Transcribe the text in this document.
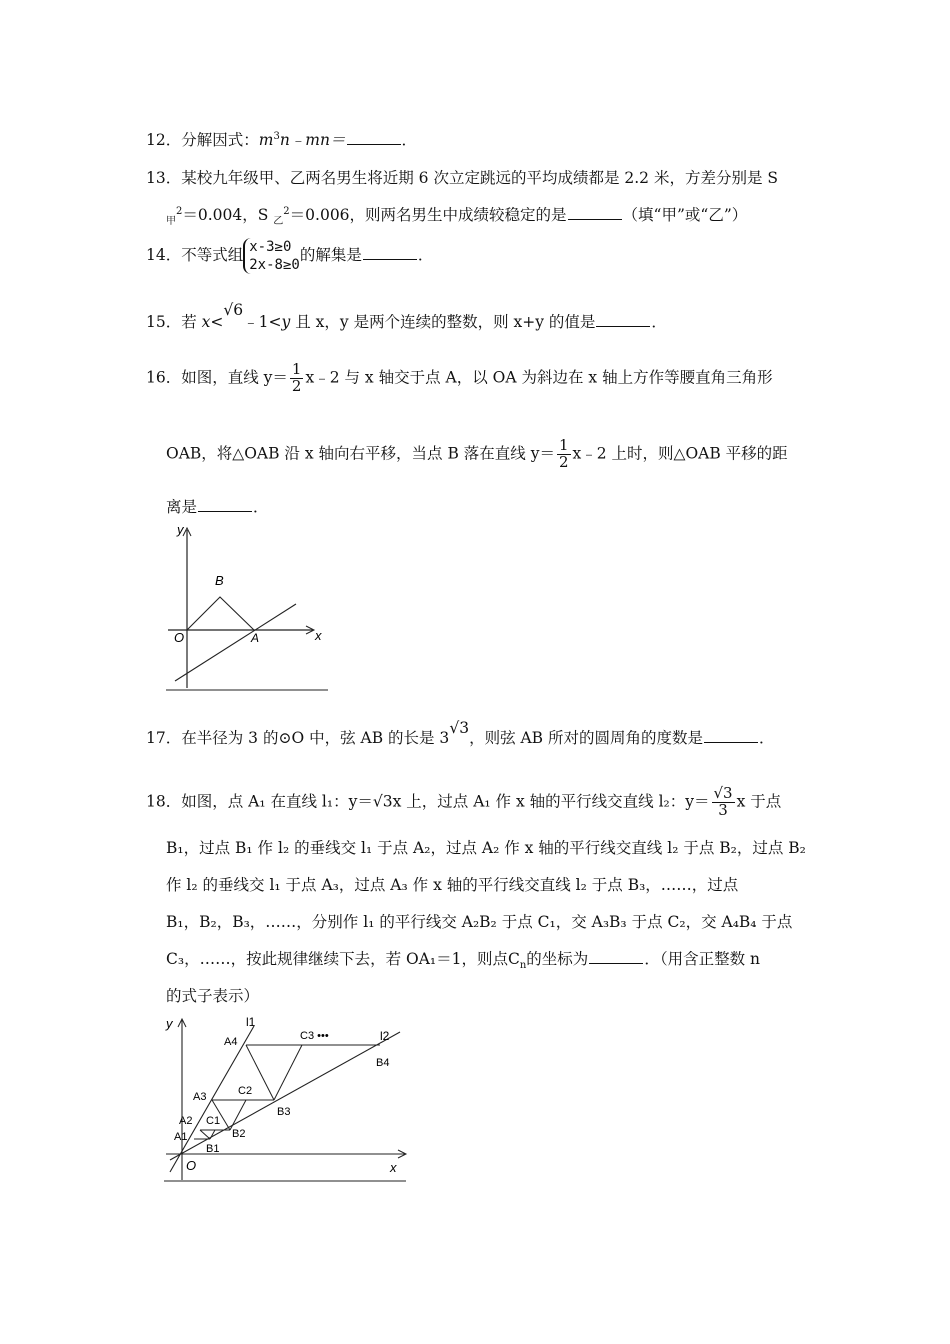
12．分解因式：$m^3n﹣mn=$	．
13．某校九年级甲、乙两名男生将近期 6 次立定跳远的平均成绩都是 2.2 米，方差分别是 S
$_甲^2$＝0.004，S $_乙^2$＝0.006，则两名男生中成绩较稳定的是	（填“甲”或“乙”）
14．不等式组 x-3≥0
2x-8≥0的解集是	．
15．若 x<√6﹣1<y 且 x，y 是两个连续的整数，则 x+y 的值是	．
16．如图，直线 $y= \frac{1}{2}$ x﹣2 与 x 轴交于点 A，以 OA 为斜边在 x 轴上方作等腰直角三角形
OAB，将△OAB 沿 x 轴向右平移，当点 B 落在直线 $y= \frac{1}{2}$ x﹣2 上时，则△OAB 平移的距
离是	．
y
x
O	A
B
17．在半径为 3 的⊙O 中，弦 AB 的长是 3√3，则弦 AB 所对的圆周角的度数是	．
18．如图，点 A₁ 在直线 l₁：y＝√3x 上，过点 A₁ 作 x 轴的平行线交直线 l₂：$y= \frac{√3}{3}$ x 于点
B₁，过点 B₁ 作 l₂ 的垂线交 l₁ 于点 A₂，过点 A₂ 作 x 轴的平行线交直线 l₂ 于点 B₂，过点 B₂
作 l₂ 的垂线交 l₁ 于点 A₃，过点 A₃ 作 x 轴的平行线交直线 l₂ 于点 B₃，……，过点
B₁，B₂，B₃，……，分别作 l₁ 的平行线交 A₂B₂ 于点 C₁，交 A₃B₃ 于点 C₂，交 A₄B₄ 于点
C₃，……，按此规律继续下去，若 OA₁＝1，则点$C_n$的坐标为	．（用含正整数 n
的式子表示）
y
x
O
l1
l2
A1
A2
A3
A4
B1
B2
B3
B4
C1
C2
C3 •••
